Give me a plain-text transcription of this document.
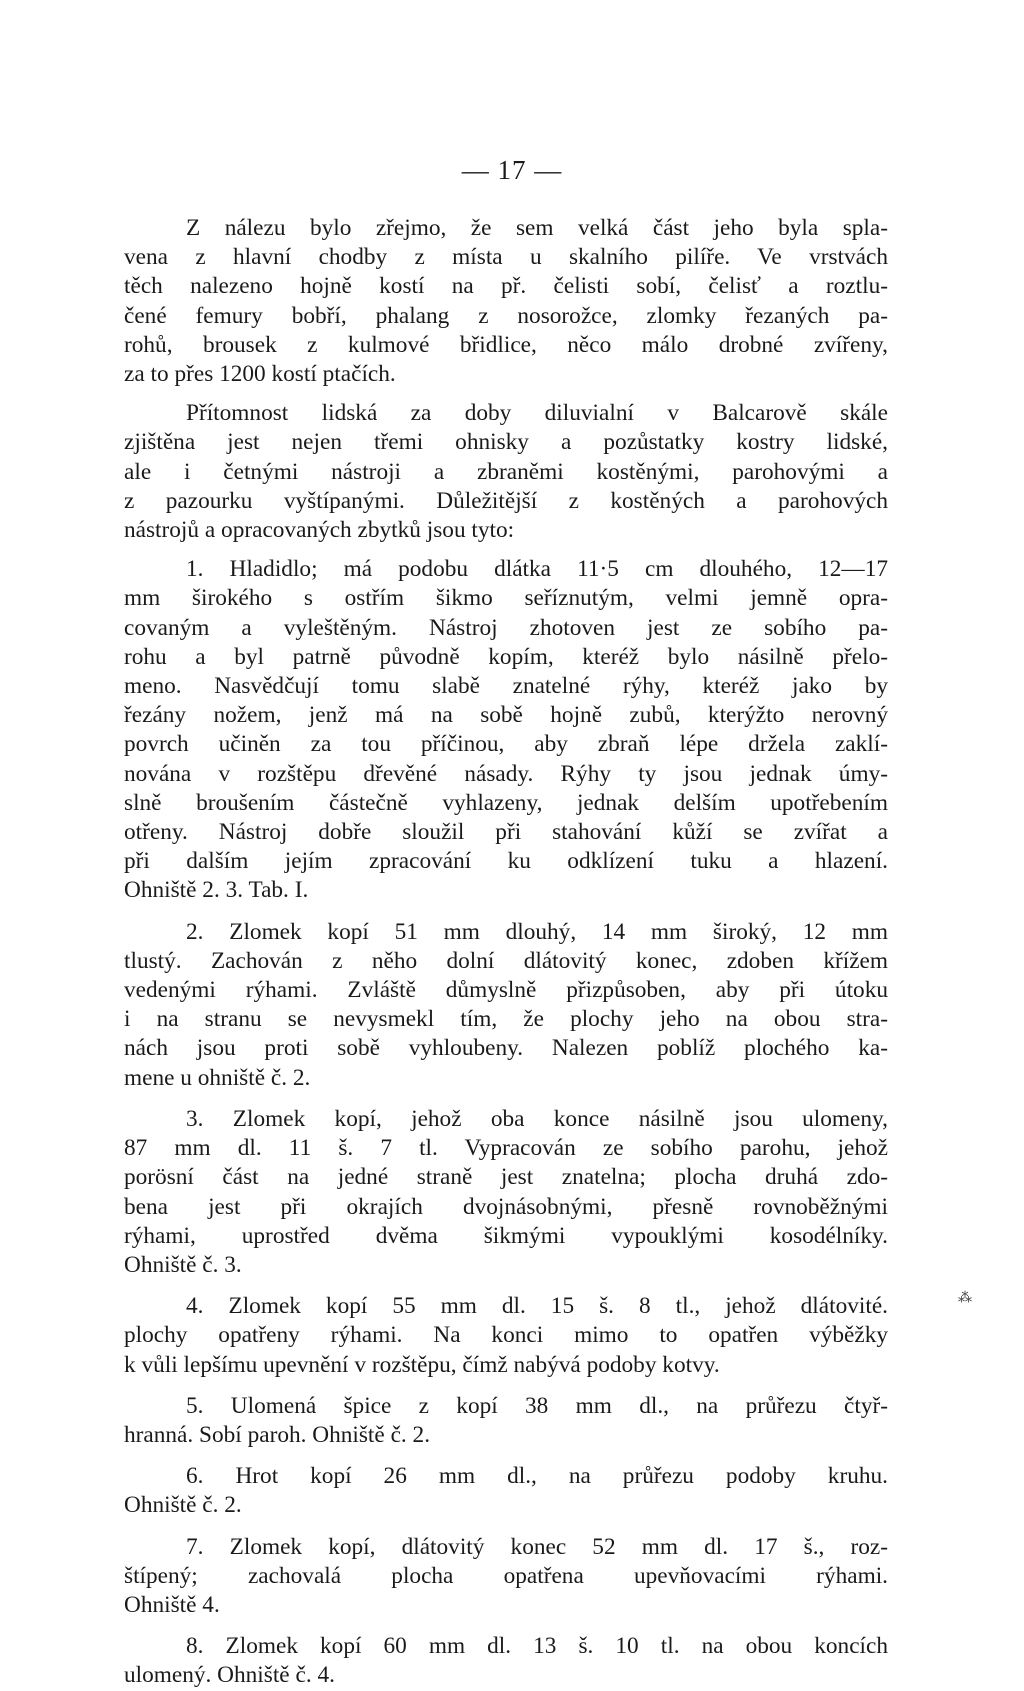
— 17 —
Z nálezu bylo zřejmo, že sem velká část jeho byla spla-
vena z hlavní chodby z místa u skalního pilíře. Ve vrstvách
těch nalezeno hojně kostí na př. čelisti sobí, čelisť a roztlu-
čené femury bobří, phalang z nosorožce, zlomky řezaných pa-
rohů, brousek z kulmové břidlice, něco málo drobné zvířeny,
za to přes 1200 kostí ptačích.
Přítomnost lidská za doby diluvialní v Balcarově skále
zjištěna jest nejen třemi ohnisky a pozůstatky kostry lidské,
ale i četnými nástroji a zbraněmi kostěnými, parohovými a
z pazourku vyštípanými. Důležitější z kostěných a parohových
nástrojů a opracovaných zbytků jsou tyto:
1. Hladidlo; má podobu dlátka 11·5 cm dlouhého, 12—17
mm širokého s ostřím šikmo seříznutým, velmi jemně opra-
covaným a vyleštěným. Nástroj zhotoven jest ze sobího pa-
rohu a byl patrně původně kopím, kteréž bylo násilně přelo-
meno. Nasvědčují tomu slabě znatelné rýhy, kteréž jako by
řezány nožem, jenž má na sobě hojně zubů, kterýžto nerovný
povrch učiněn za tou příčinou, aby zbraň lépe držela zaklí-
nována v rozštěpu dřevěné násady. Rýhy ty jsou jednak úmy-
slně broušením částečně vyhlazeny, jednak delším upotřebením
otřeny. Nástroj dobře sloužil při stahování kůží se zvířat a
při dalším jejím zpracování ku odklízení tuku a hlazení.
Ohniště 2. 3. Tab. I.
2. Zlomek kopí 51 mm dlouhý, 14 mm široký, 12 mm
tlustý. Zachován z něho dolní dlátovitý konec, zdoben křížem
vedenými rýhami. Zvláště důmyslně přizpůsoben, aby při útoku
i na stranu se nevysmekl tím, že plochy jeho na obou stra-
nách jsou proti sobě vyhloubeny. Nalezen poblíž plochého ka-
mene u ohniště č. 2.
3. Zlomek kopí, jehož oba konce násilně jsou ulomeny,
87 mm dl. 11 š. 7 tl. Vypracován ze sobího parohu, jehož
porösní část na jedné straně jest znatelna; plocha druhá zdo-
bena jest při okrajích dvojnásobnými, přesně rovnoběžnými
rýhami, uprostřed dvěma šikmými vypouklými kosodélníky.
Ohniště č. 3.
4. Zlomek kopí 55 mm dl. 15 š. 8 tl., jehož dlátovité.
plochy opatřeny rýhami. Na konci mimo to opatřen výběžky
k vůli lepšímu upevnění v rozštěpu, čímž nabývá podoby kotvy.
5. Ulomená špice z kopí 38 mm dl., na průřezu čtyř-
hranná. Sobí paroh. Ohniště č. 2.
6. Hrot kopí 26 mm dl., na průřezu podoby kruhu.
Ohniště č. 2.
7. Zlomek kopí, dlátovitý konec 52 mm dl. 17 š., roz-
štípený; zachovalá plocha opatřena upevňovacími rýhami.
Ohniště 4.
8. Zlomek kopí 60 mm dl. 13 š. 10 tl. na obou koncích
ulomený. Ohniště č. 4.
⁂
